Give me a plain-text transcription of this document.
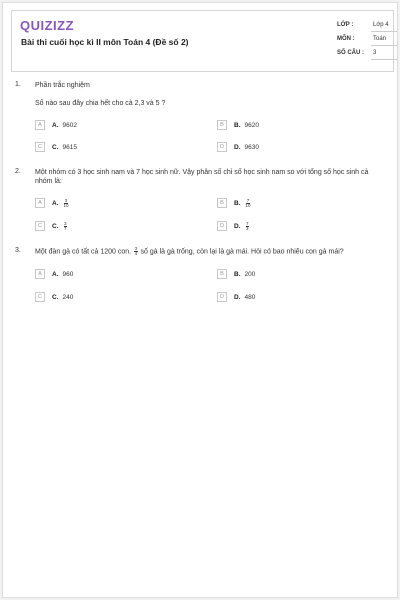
QUIZIZZ
Bài thi cuối học kì II môn Toán 4 (Đề số 2)
LỚP :	Lớp 4
MÔN :	Toán
SỐ CÂU :	3
1. Phần trắc nghiệm
Số nào sau đây chia hết cho cả 2,3 và 5 ?
A	A. 9602	B	B. 9620
C	C. 9615	D	D. 9630
2. Một nhóm có 3 học sinh nam và 7 học sinh nữ. Vậy phân số chỉ số học sinh nam so với tổng số học sinh cả nhóm là:
A	A. $\frac{3}{10}$	B	B. $\frac{7}{10}$
C	C. $\frac{3}{7}$	D	D. $\frac{7}{3}$
3. Một đàn gà có tất cả 1200 con. $\frac{3}{4}$ số gà là gà trống, còn lại là gà mái. Hỏi có bao nhiêu con gà mái?
A	A. 960	B	B. 200
C	C. 240	D	D. 480
